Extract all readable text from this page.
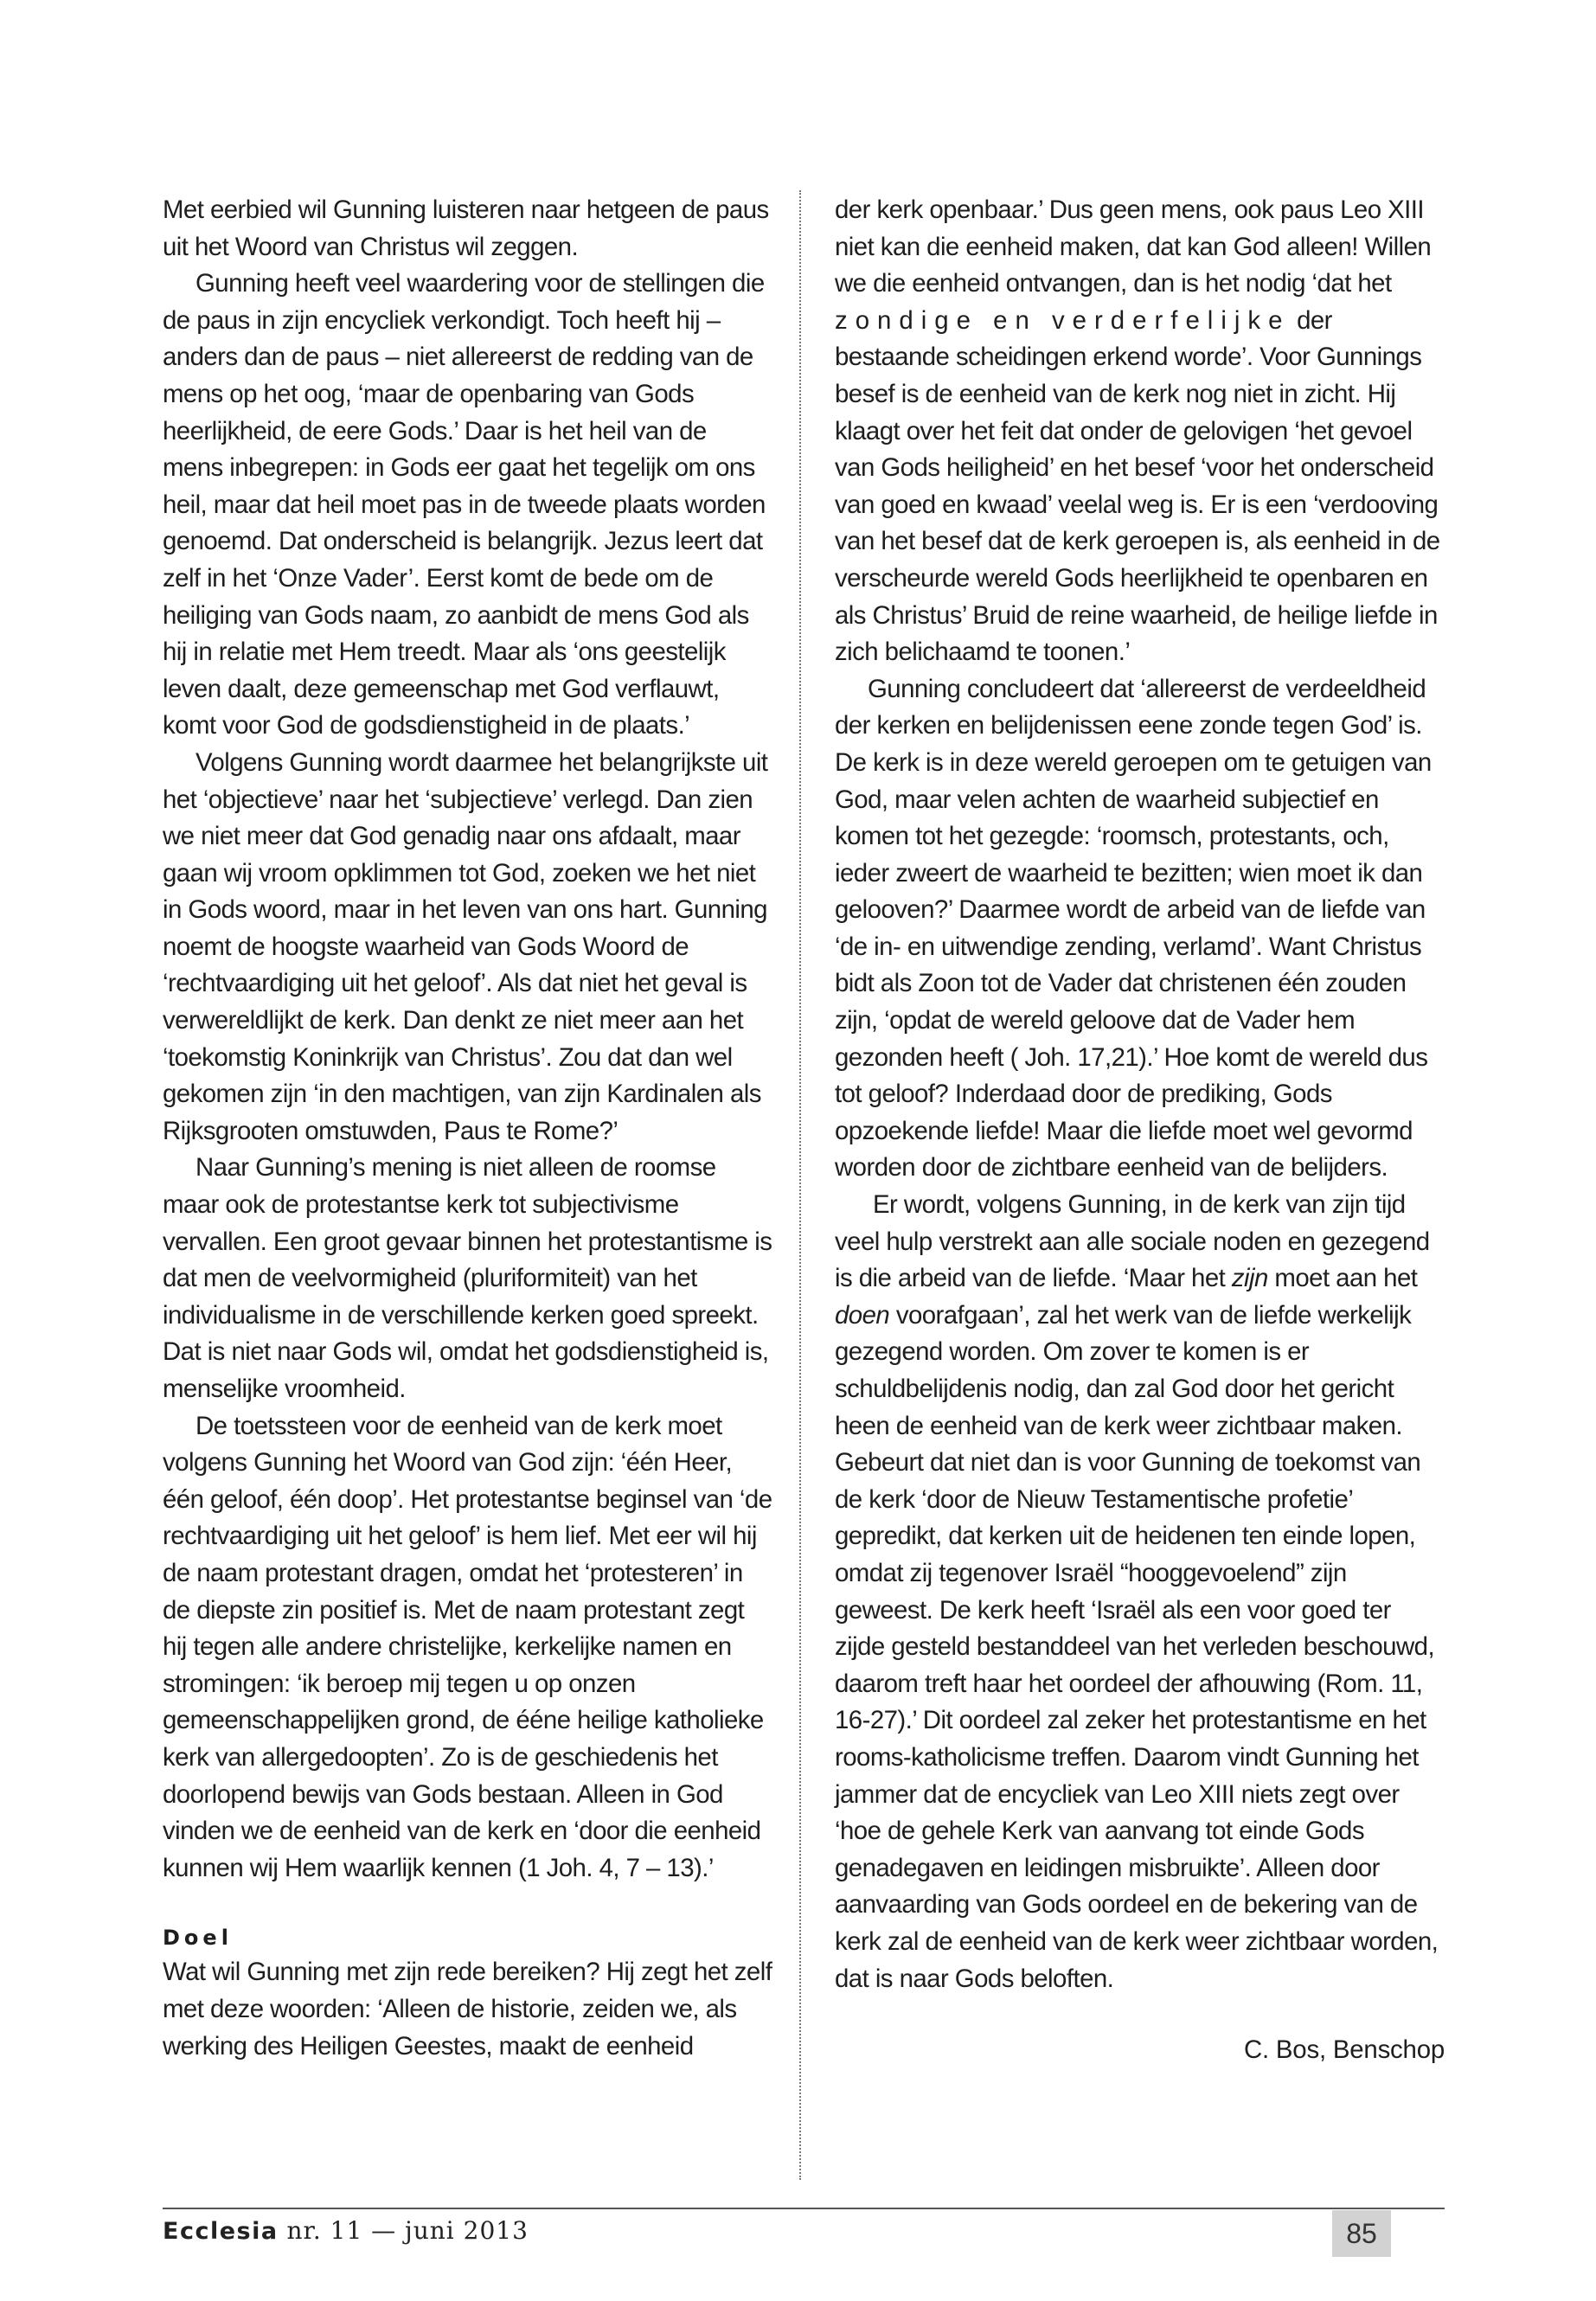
Met eerbied wil Gunning luisteren naar hetgeen de paus uit het Woord van Christus wil zeggen.

Gunning heeft veel waardering voor de stellingen die de paus in zijn encycliek verkondigt. Toch heeft hij – anders dan de paus – niet allereerst de redding van de mens op het oog, ‘maar de openbaring van Gods heerlijkheid, de eere Gods.’ Daar is het heil van de mens inbegrepen: in Gods eer gaat het tegelijk om ons heil, maar dat heil moet pas in de tweede plaats worden genoemd. Dat onderscheid is belangrijk. Jezus leert dat zelf in het ‘Onze Vader’. Eerst komt de bede om de heiliging van Gods naam, zo aanbidt de mens God als hij in relatie met Hem treedt. Maar als ‘ons geestelijk leven daalt, deze gemeenschap met God verflauwt, komt voor God de godsdienstigheid in de plaats.’

Volgens Gunning wordt daarmee het belangrijkste uit het ‘objectieve’ naar het ‘subjectieve’ verlegd. Dan zien we niet meer dat God genadig naar ons afdaalt, maar gaan wij vroom opklimmen tot God, zoeken we het niet in Gods woord, maar in het leven van ons hart. Gunning noemt de hoogste waarheid van Gods Woord de ‘rechtvaardiging uit het geloof’. Als dat niet het geval is verwereldlijkt de kerk. Dan denkt ze niet meer aan het ‘toekomstig Koninkrijk van Christus’. Zou dat dan wel gekomen zijn ‘in den machtigen, van zijn Kardinalen als Rijksgrooten omstuwden, Paus te Rome?’

Naar Gunning’s mening is niet alleen de roomse maar ook de protestantse kerk tot subjectivisme vervallen. Een groot gevaar binnen het protestantisme is dat men de veelvormigheid (pluriformiteit) van het individualisme in de verschillende kerken goed spreekt. Dat is niet naar Gods wil, omdat het godsdienstigheid is, menselijke vroomheid.

De toetssteen voor de eenheid van de kerk moet volgens Gunning het Woord van God zijn: ‘één Heer, één geloof, één doop’. Het protestantse beginsel van ‘de rechtvaardiging uit het geloof’ is hem lief. Met eer wil hij de naam protestant dragen, omdat het ‘protesteren’ in de diepste zin positief is. Met de naam protestant zegt hij tegen alle andere christelijke, kerkelijke namen en stromingen: ‘ik beroep mij tegen u op onzen gemeenschappelijken grond, de ééne heilige katholieke kerk van allergedoopten’. Zo is de geschiedenis het doorlopend bewijs van Gods bestaan. Alleen in God vinden we de eenheid van de kerk en ‘door die eenheid kunnen wij Hem waarlijk kennen (1 Joh. 4, 7 – 13).’

Doel

Wat wil Gunning met zijn rede bereiken? Hij zegt het zelf met deze woorden: ‘Alleen de historie, zeiden we, als werking des Heiligen Geestes, maakt de eenheid

der kerk openbaar.’ Dus geen mens, ook paus Leo XIII niet kan die eenheid maken, dat kan God alleen! Willen we die eenheid ontvangen, dan is het nodig ‘dat het zondige en verderfelijke der bestaande scheidingen erkend worde’. Voor Gunnings besef is de eenheid van de kerk nog niet in zicht. Hij klaagt over het feit dat onder de gelovigen ‘het gevoel van Gods heiligheid’ en het besef ‘voor het onderscheid van goed en kwaad’ veelal weg is. Er is een ‘verdooving van het besef dat de kerk geroepen is, als eenheid in de verscheurde wereld Gods heerlijkheid te openbaren en als Christus’ Bruid de reine waarheid, de heilige liefde in zich belichaamd te toonen.’

Gunning concludeert dat ‘allereerst de verdeeldheid der kerken en belijdenissen eene zonde tegen God’ is. De kerk is in deze wereld geroepen om te getuigen van God, maar velen achten de waarheid subjectief en komen tot het gezegde: ‘roomsch, protestants, och, ieder zweert de waarheid te bezitten; wien moet ik dan gelooven?’ Daarmee wordt de arbeid van de liefde van ‘de in- en uitwendige zending, verlamd’. Want Christus bidt als Zoon tot de Vader dat christenen één zouden zijn, ‘opdat de wereld geloove dat de Vader hem gezonden heeft ( Joh. 17,21).’ Hoe komt de wereld dus tot geloof? Inderdaad door de prediking, Gods opzoekende liefde! Maar die liefde moet wel gevormd worden door de zichtbare eenheid van de belijders.

Er wordt, volgens Gunning, in de kerk van zijn tijd veel hulp verstrekt aan alle sociale noden en gezegend is die arbeid van de liefde. ‘Maar het zijn moet aan het doen voorafgaan’, zal het werk van de liefde werkelijk gezegend worden. Om zover te komen is er schuldbelijdenis nodig, dan zal God door het gericht heen de eenheid van de kerk weer zichtbaar maken. Gebeurt dat niet dan is voor Gunning de toekomst van de kerk ‘door de Nieuw Testamentische profetie’ gepredikt, dat kerken uit de heidenen ten einde lopen, omdat zij tegenover Israël “hooggevoelend” zijn geweest. De kerk heeft ‘Israël als een voor goed ter zijde gesteld bestanddeel van het verleden beschouwd, daarom treft haar het oordeel der afhouwing (Rom. 11, 16-27).’ Dit oordeel zal zeker het protestantisme en het rooms-katholicisme treffen. Daarom vindt Gunning het jammer dat de encycliek van Leo XIII niets zegt over ‘hoe de gehele Kerk van aanvang tot einde Gods genadegaven en leidingen misbruikte’. Alleen door aanvaarding van Gods oordeel en de bekering van de kerk zal de eenheid van de kerk weer zichtbaar worden, dat is naar Gods beloften.

C. Bos, Benschop

Ecclesia nr. 11 — juni 2013	85
